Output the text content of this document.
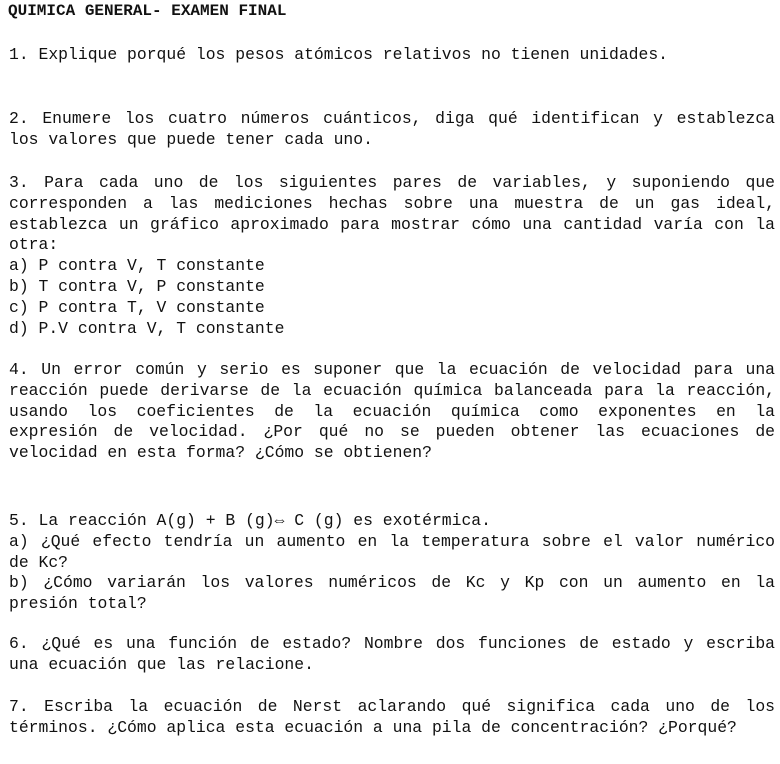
QUIMICA GENERAL- EXAMEN FINAL

1. Explique porqué los pesos atómicos relativos no tienen unidades.

2. Enumere los cuatro números cuánticos, diga qué identifican y establezca los valores que puede tener cada uno.

3. Para cada uno de los siguientes pares de variables, y suponiendo que corresponden a las mediciones hechas sobre una muestra de un gas ideal, establezca un gráfico aproximado para mostrar cómo una cantidad varía con la otra:

a) P contra V, T constante
b) T contra V, P constante
c) P contra T, V constante
d) P.V contra V, T constante

4. Un error común y serio es suponer que la ecuación de velocidad para una reacción puede derivarse de la ecuación química balanceada para la reacción, usando los coeficientes de la ecuación química como exponentes en la expresión de velocidad. ¿Por qué no se pueden obtener las ecuaciones de velocidad en esta forma? ¿Cómo se obtienen?

5. La reacción A(g) + B (g)⇔ C (g) es exotérmica.

a) ¿Qué efecto tendría un aumento en la temperatura sobre el valor numérico de Kc?

b) ¿Cómo variarán los valores numéricos de Kc y Kp con un aumento en la presión total?

6. ¿Qué es una función de estado? Nombre dos funciones de estado y escriba una ecuación que las relacione.

7. Escriba la ecuación de Nerst aclarando qué significa cada uno de los términos. ¿Cómo aplica esta ecuación a una pila de concentración? ¿Porqué?
